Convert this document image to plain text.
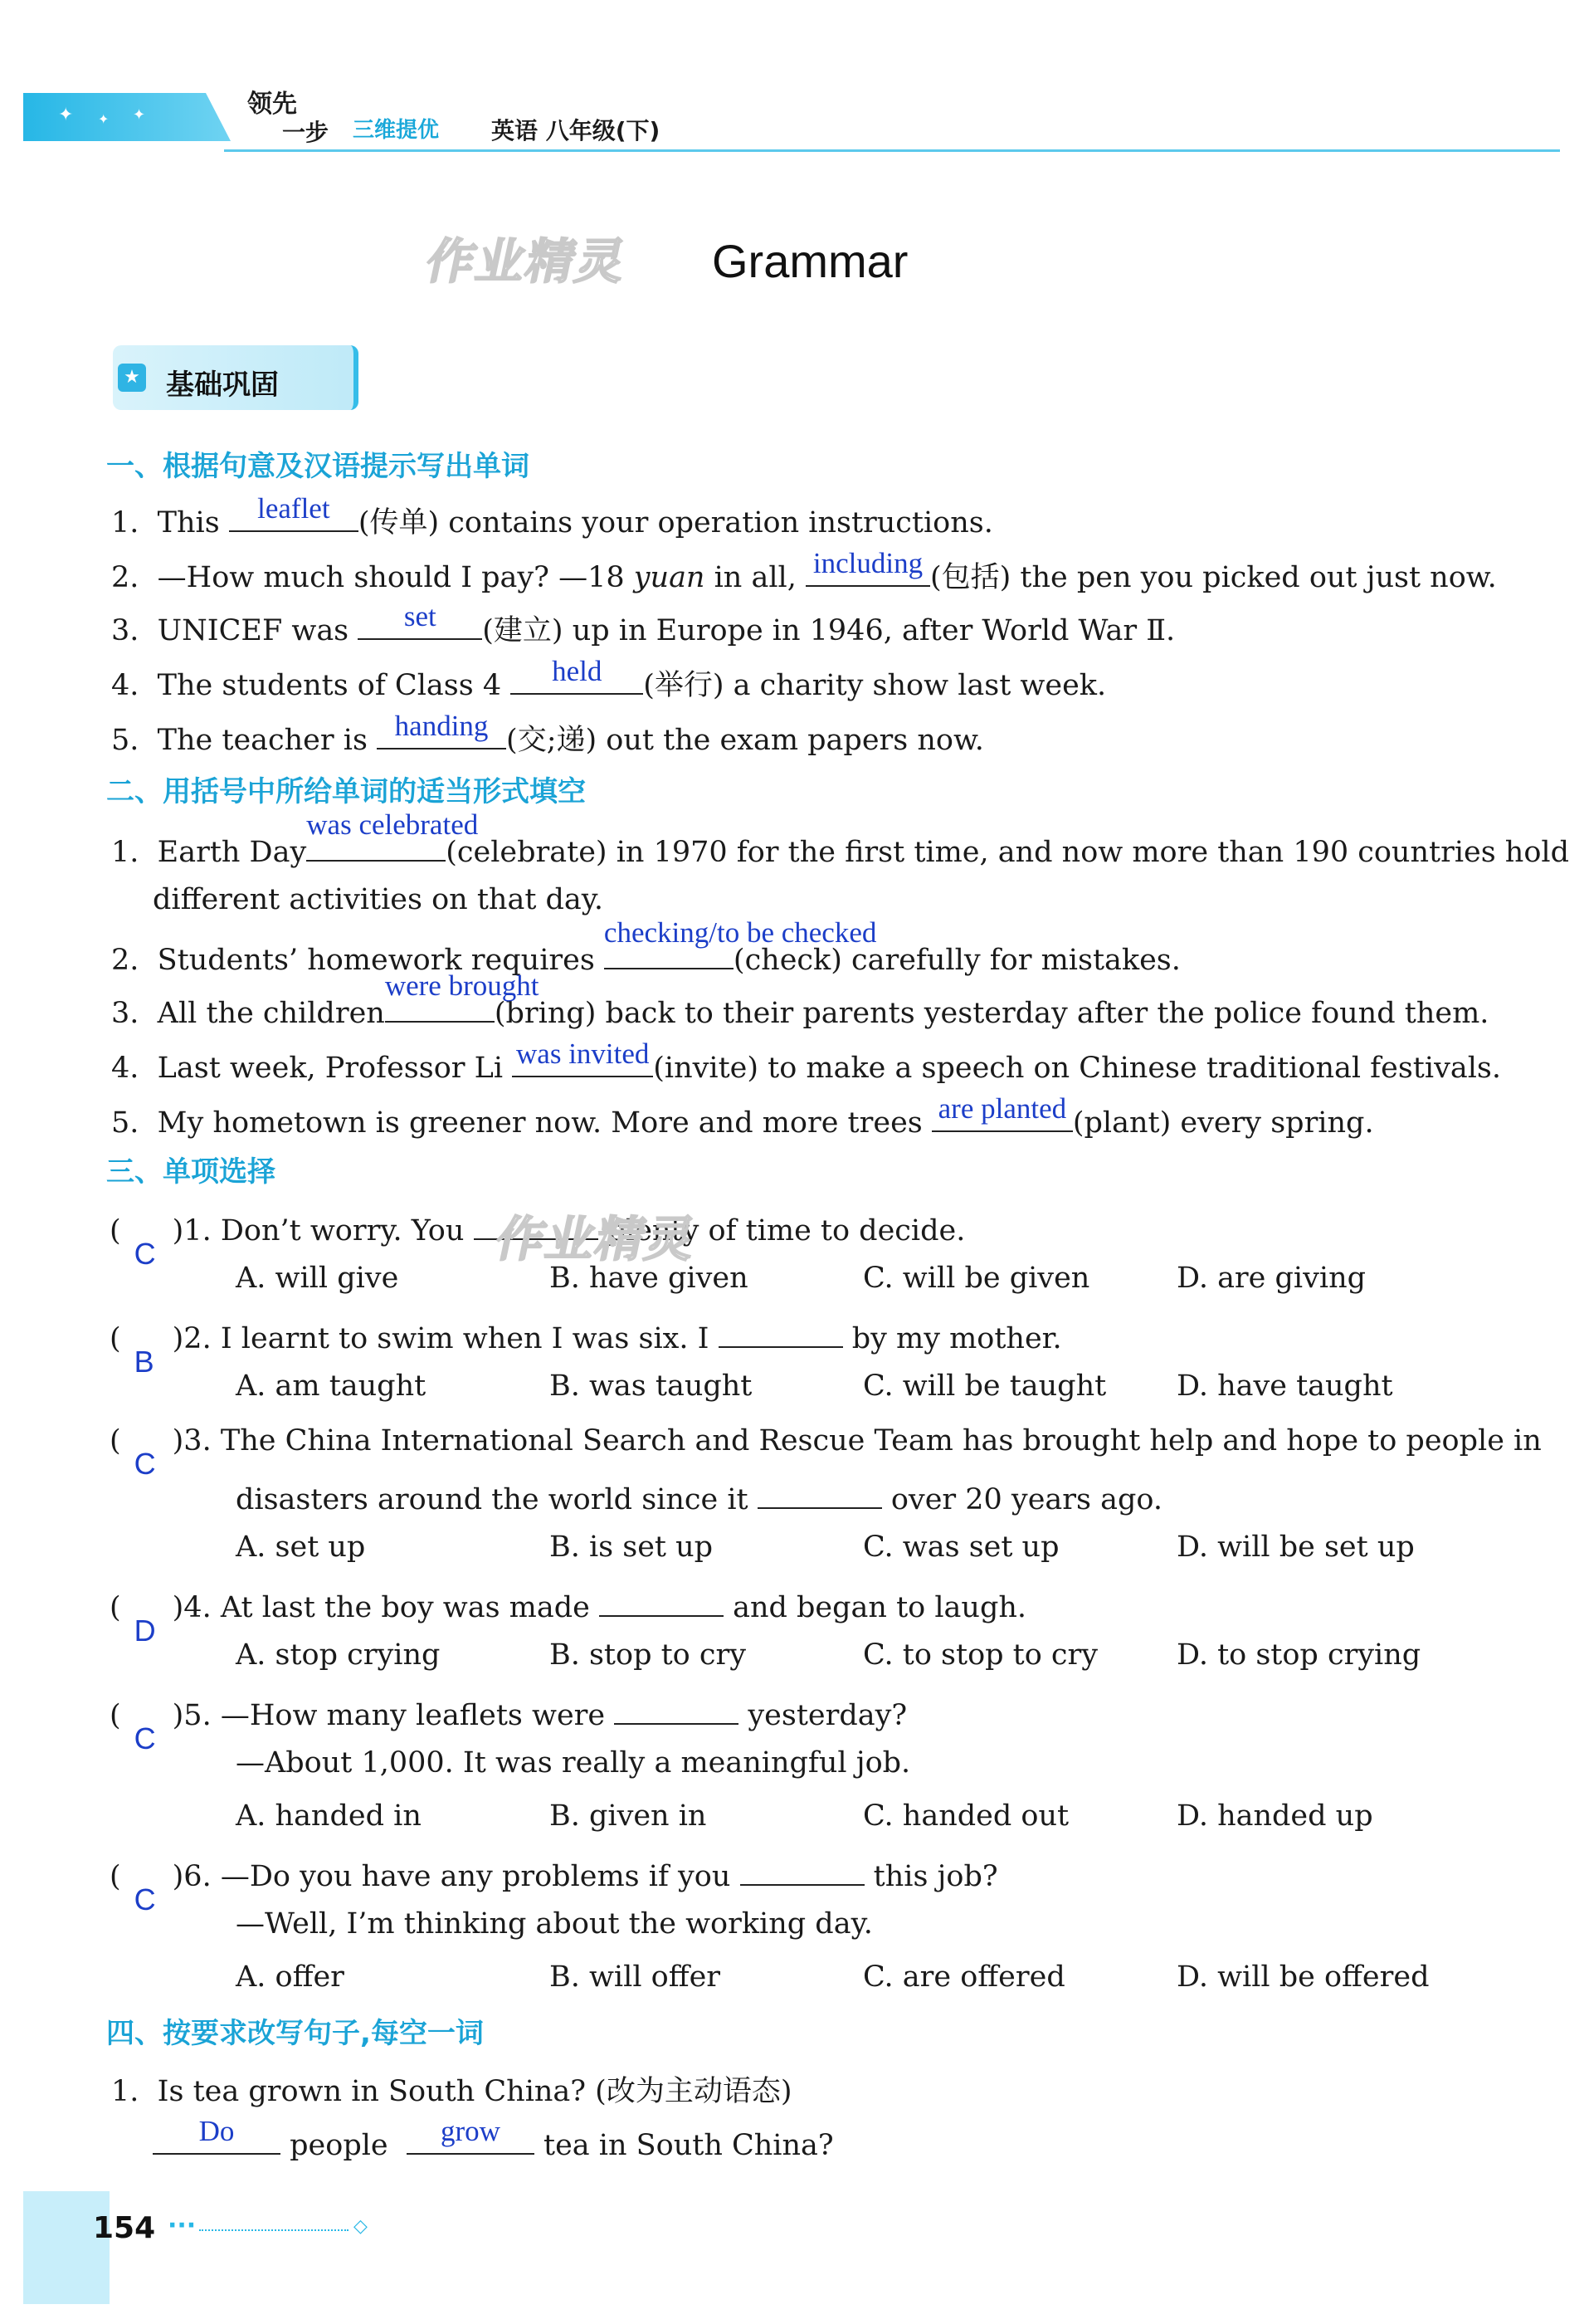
✦ ✦ ✦	领先
一步 三维提优 英语 八年级(下)
作业精灵 Grammar
★ 基础巩固
一、根据句意及汉语提示写出单词
1. This leaflet (传单) contains your operation instructions.
2. —How much should I pay? —18 yuan in all, including (包括) the pen you picked out just now.
3. UNICEF was	set	(建立) up in Europe in 1946, after World War Ⅱ.
4. The students of Class 4	held	(举行) a charity show last week.
5. The teacher is handing (交;递) out the exam papers now.
二、用括号中所给单词的适当形式填空
1. Earth Day
was celebrated
(celebrate) in 1970 for the first time, and now more than 190 countries hold
different activities on that day.
2. Students’ homework requires
checking/to be checked
(check) carefully for mistakes.
3. All the children
were brought
(bring) back to their parents yesterday after the police found them.
4. Last week, Professor Li was invited (invite) to make a speech on Chinese traditional festivals.
5. My hometown is greener now. More and more trees are planted (plant) every spring.
三、单项选择
(
C
)1. Don’t worry. You	plenty of time to decide.
作业精灵
A. will give	B. have given	C. will be given	D. are giving
(
B
)2. I learnt to swim when I was six. I	by my mother.
A. am taught	B. was taught	C. will be taught D. have taught
(
C
)3. The China International Search and Rescue Team has brought help and hope to people in
disasters around the world since it	over 20 years ago.
A. set up	B. is set up	C. was set up	D. will be set up
(
D
)4. At last the boy was made	and began to laugh.
A. stop crying	B. stop to cry	C. to stop to cry	D. to stop crying
(
C
)5. —How many leaflets were	yesterday?
—About 1,000. It was really a meaningful job.
A. handed in	B. given in	C. handed out	D. handed up
(
C
)6. —Do you have any problems if you	this job?
—Well, I’m thinking about the working day.
A. offer	B. will offer	C. are offered	D. will be offered
四、按要求改写句子,每空一词
1. Is tea grown in South China? (改为主动语态)
Do	people	grow	tea in South China?
154 ···	◇
